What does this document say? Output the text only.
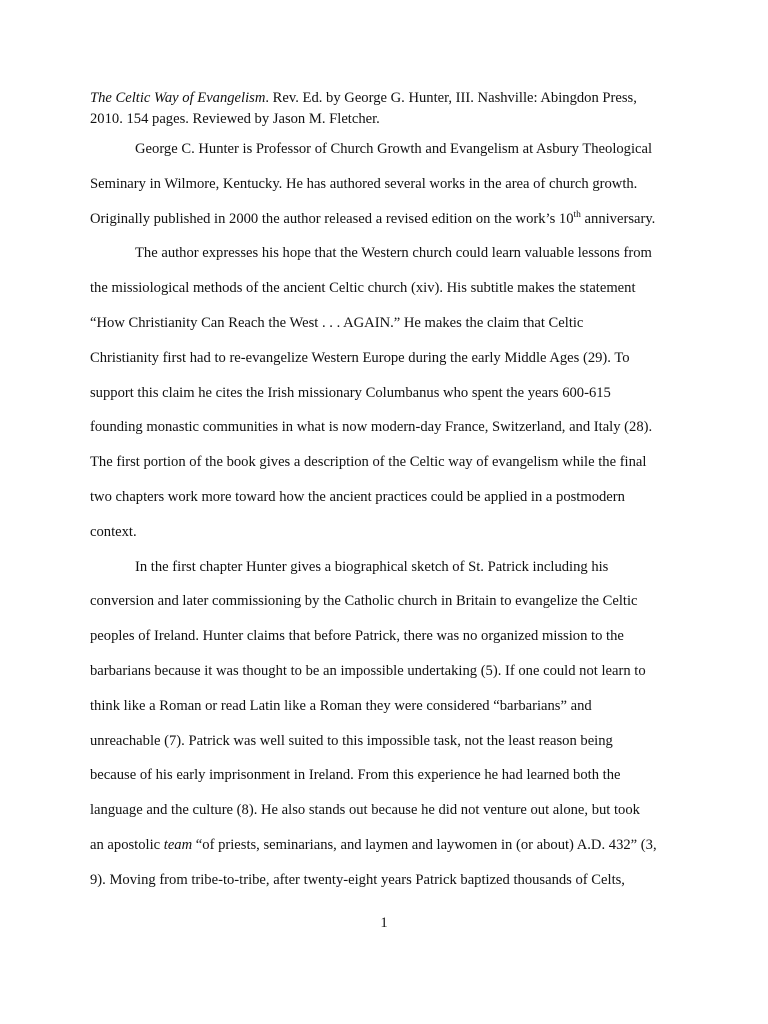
The Celtic Way of Evangelism. Rev. Ed. by George G. Hunter, III. Nashville: Abingdon Press,
2010. 154 pages. Reviewed by Jason M. Fletcher.
George C. Hunter is Professor of Church Growth and Evangelism at Asbury Theological
Seminary in Wilmore, Kentucky. He has authored several works in the area of church growth.
Originally published in 2000 the author released a revised edition on the work’s 10th anniversary.
The author expresses his hope that the Western church could learn valuable lessons from
the missiological methods of the ancient Celtic church (xiv). His subtitle makes the statement
“How Christianity Can Reach the West . . . AGAIN.” He makes the claim that Celtic
Christianity first had to re-evangelize Western Europe during the early Middle Ages (29). To
support this claim he cites the Irish missionary Columbanus who spent the years 600-615
founding monastic communities in what is now modern-day France, Switzerland, and Italy (28).
The first portion of the book gives a description of the Celtic way of evangelism while the final
two chapters work more toward how the ancient practices could be applied in a postmodern
context.
In the first chapter Hunter gives a biographical sketch of St. Patrick including his
conversion and later commissioning by the Catholic church in Britain to evangelize the Celtic
peoples of Ireland. Hunter claims that before Patrick, there was no organized mission to the
barbarians because it was thought to be an impossible undertaking (5). If one could not learn to
think like a Roman or read Latin like a Roman they were considered “barbarians” and
unreachable (7). Patrick was well suited to this impossible task, not the least reason being
because of his early imprisonment in Ireland. From this experience he had learned both the
language and the culture (8). He also stands out because he did not venture out alone, but took
an apostolic team “of priests, seminarians, and laymen and laywomen in (or about) A.D. 432” (3,
9). Moving from tribe-to-tribe, after twenty-eight years Patrick baptized thousands of Celts,
1
